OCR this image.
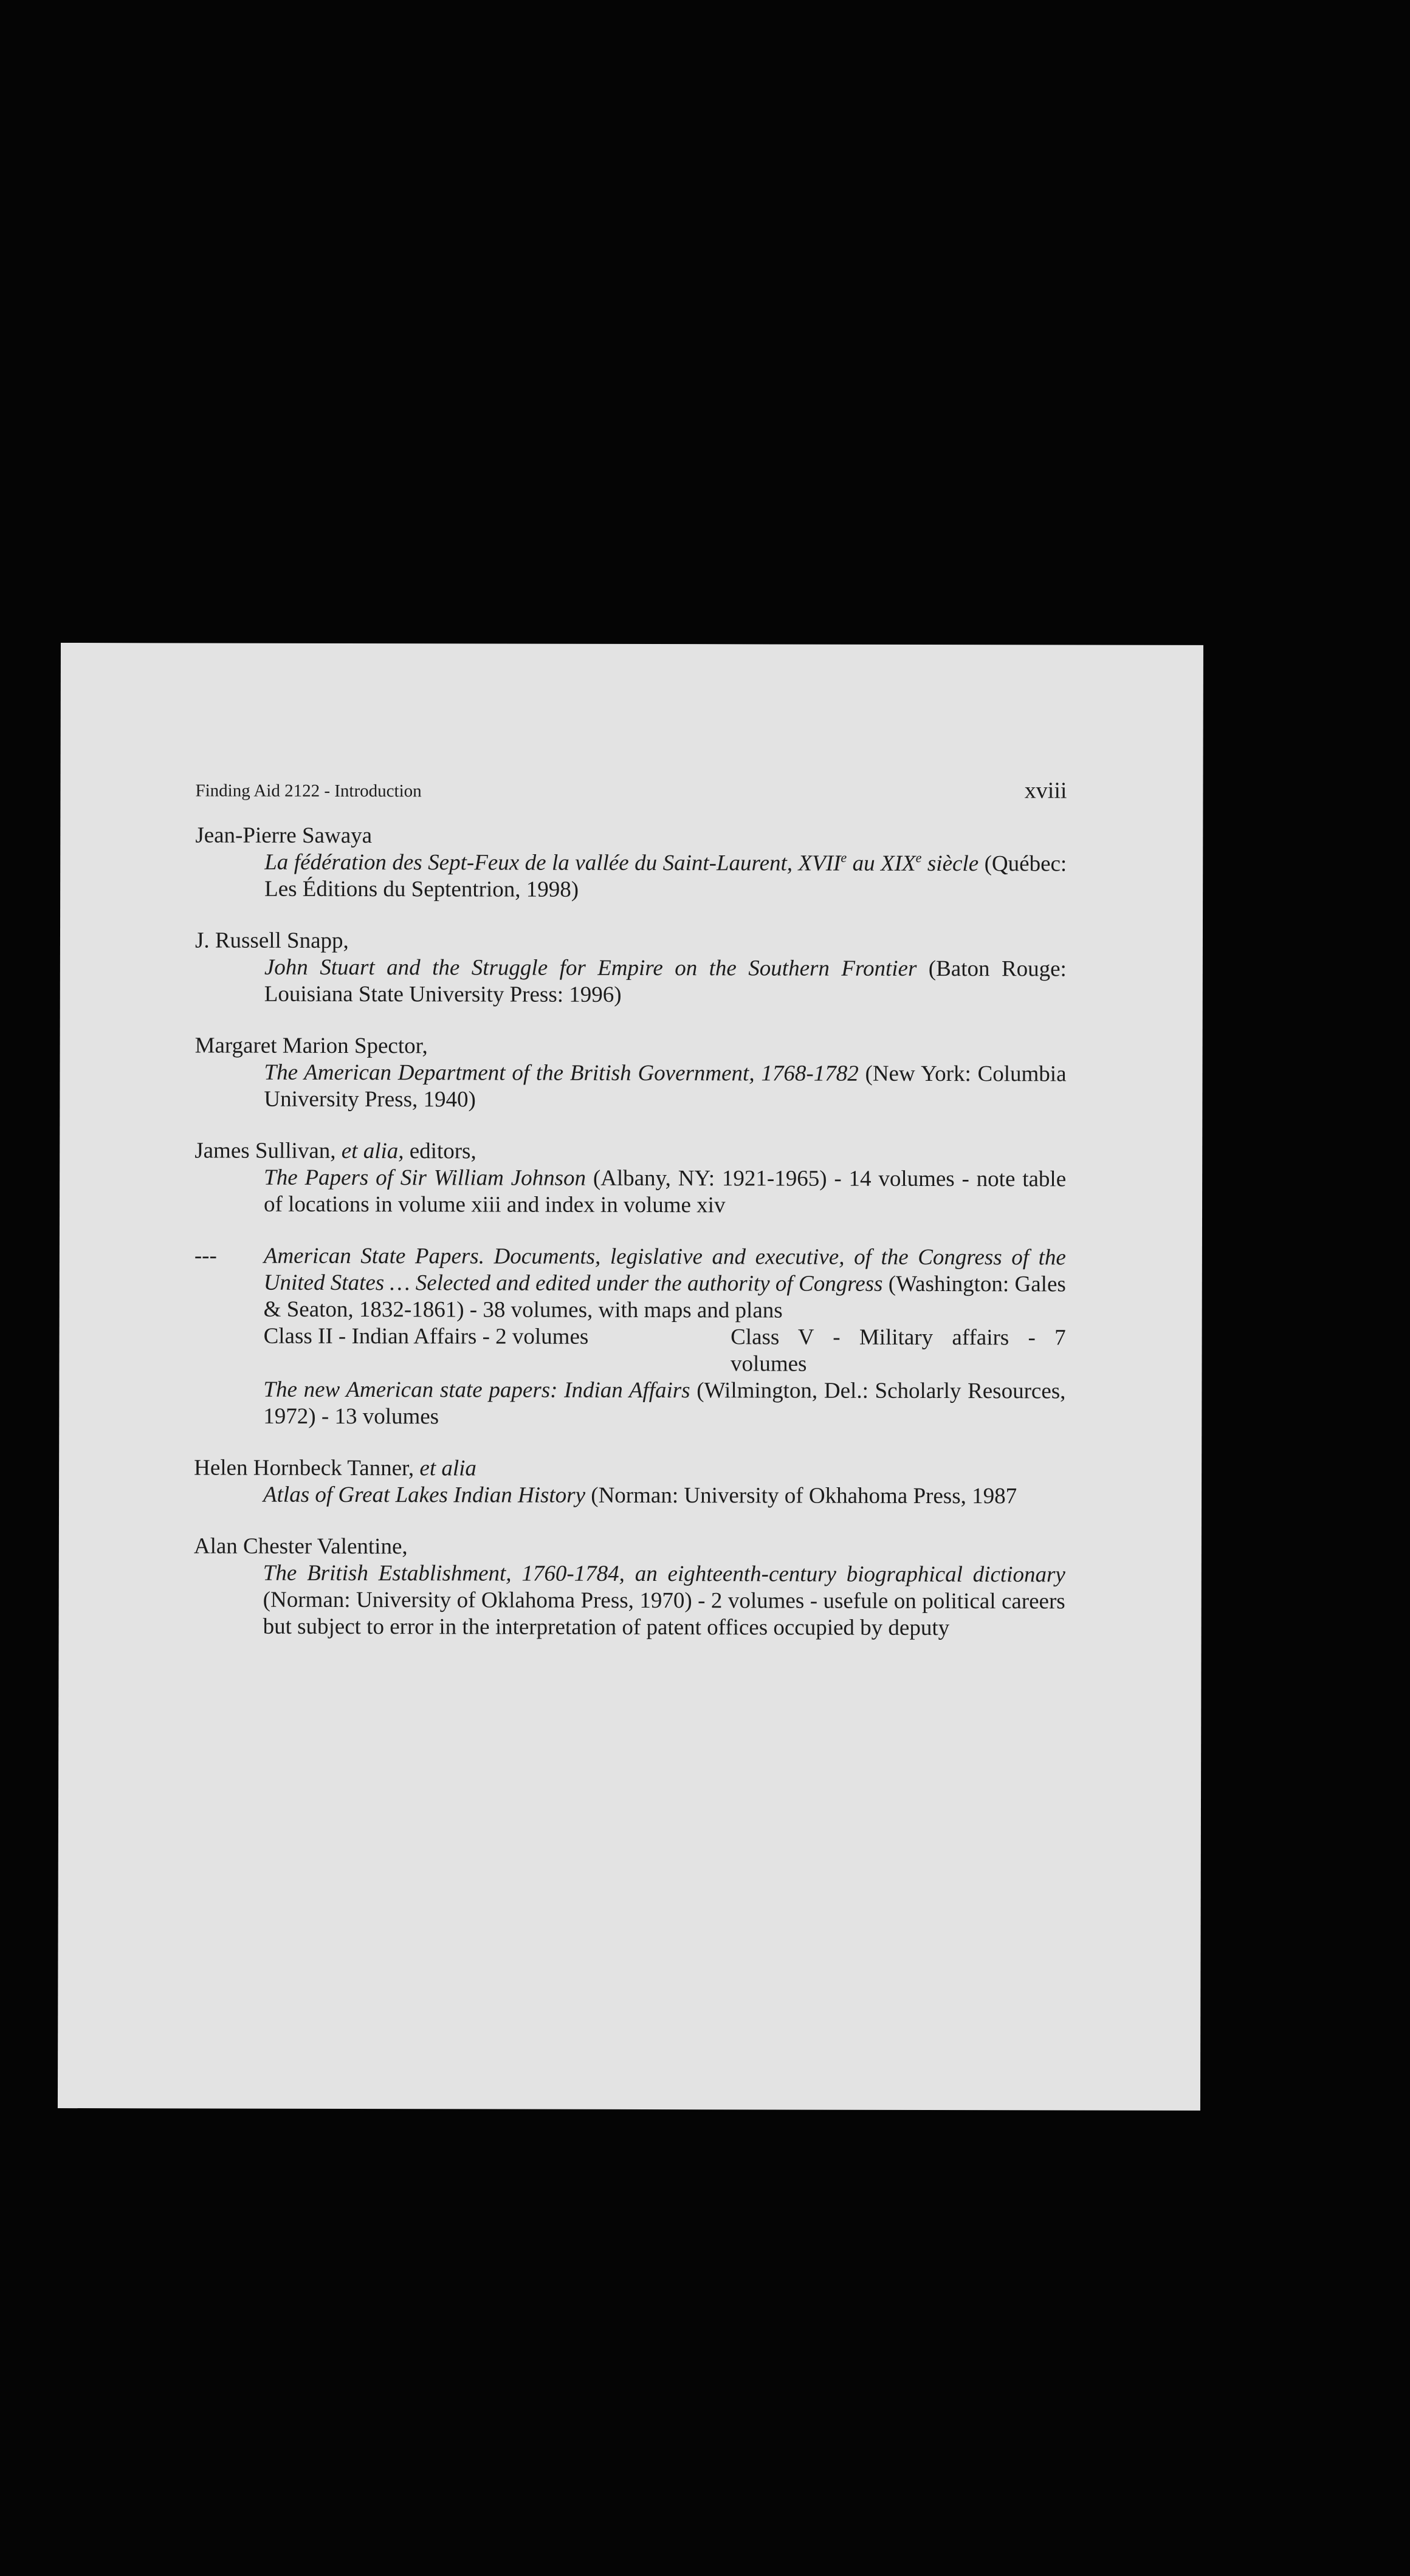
Finding Aid 2122 - Introduction	xviii
Jean-Pierre Sawaya
La fédération des Sept-Feux de la vallée du Saint-Laurent, XVIIe au XIXe siècle (Québec: Les Éditions du Septentrion, 1998)
J. Russell Snapp,
John Stuart and the Struggle for Empire on the Southern Frontier (Baton Rouge: Louisiana State University Press: 1996)
Margaret Marion Spector,
The American Department of the British Government, 1768-1782 (New York: Columbia University Press, 1940)
James Sullivan, et alia, editors,
The Papers of Sir William Johnson (Albany, NY: 1921-1965) - 14 volumes - note table of locations in volume xiii and index in volume xiv
---	American State Papers. Documents, legislative and executive, of the Congress of the United States … Selected and edited under the authority of Congress (Washington: Gales & Seaton, 1832-1861) - 38 volumes, with maps and plans
Class II - Indian Affairs - 2 volumes	Class V - Military affairs - 7 volumes
The new American state papers: Indian Affairs (Wilmington, Del.: Scholarly Resources, 1972) - 13 volumes
Helen Hornbeck Tanner, et alia
Atlas of Great Lakes Indian History (Norman: University of Okhahoma Press, 1987
Alan Chester Valentine,
The British Establishment, 1760-1784, an eighteenth-century biographical dictionary (Norman: University of Oklahoma Press, 1970) - 2 volumes - usefule on political careers but subject to error in the interpretation of patent offices occupied by deputy
